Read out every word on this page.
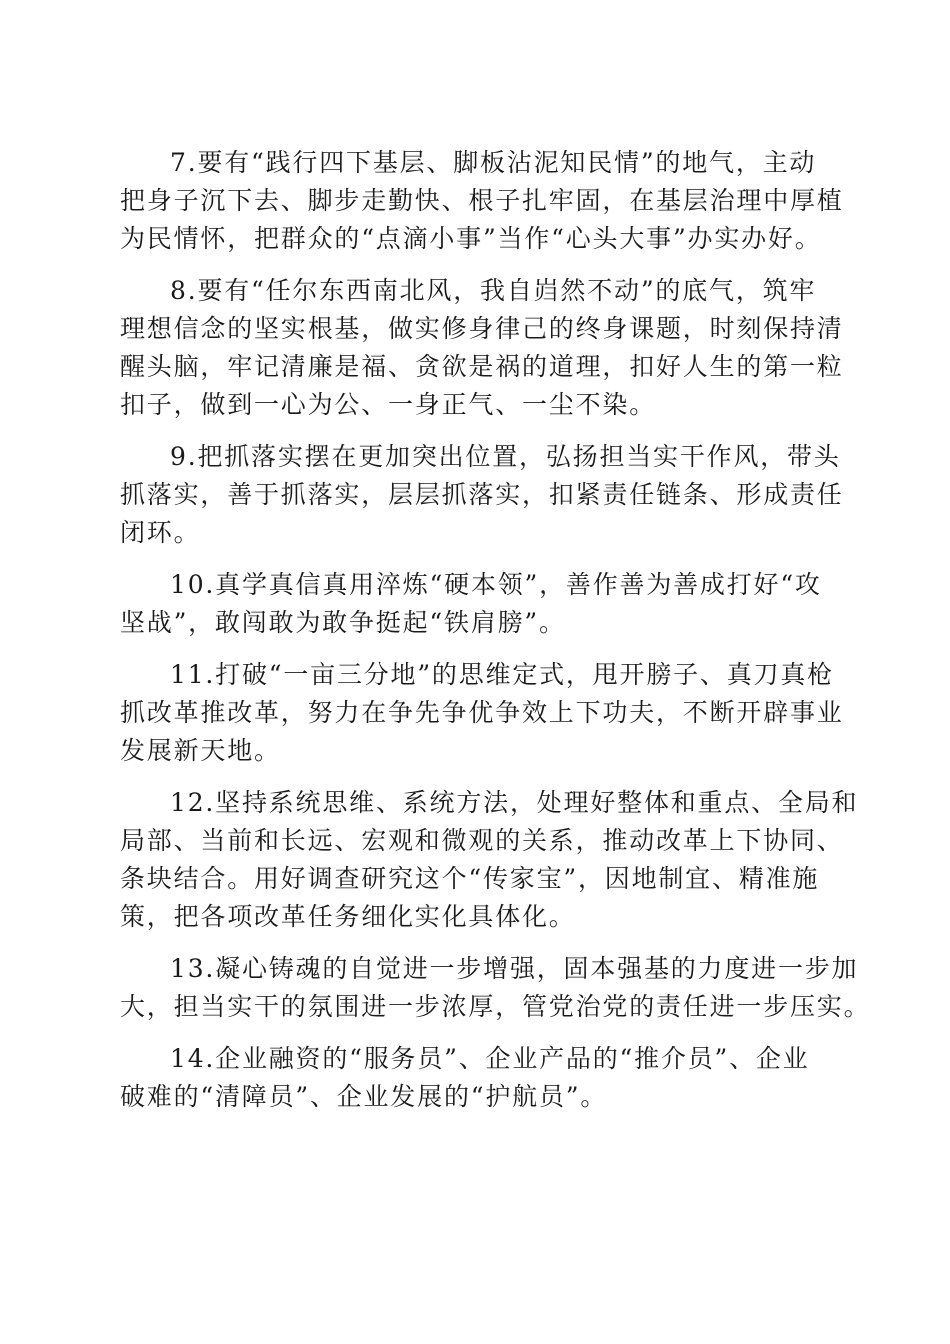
7.要有“践行四下基层、脚板沾泥知民情”的地气，主动
把身子沉下去、脚步走勤快、根子扎牢固，在基层治理中厚植
为民情怀，把群众的“点滴小事”当作“心头大事”办实办好。

8.要有“任尔东西南北风，我自岿然不动”的底气，筑牢
理想信念的坚实根基，做实修身律己的终身课题，时刻保持清
醒头脑，牢记清廉是福、贪欲是祸的道理，扣好人生的第一粒
扣子，做到一心为公、一身正气、一尘不染。

9.把抓落实摆在更加突出位置，弘扬担当实干作风，带头
抓落实，善于抓落实，层层抓落实，扣紧责任链条、形成责任
闭环。

10.真学真信真用淬炼“硬本领”，善作善为善成打好“攻
坚战”，敢闯敢为敢争挺起“铁肩膀”。

11.打破“一亩三分地”的思维定式，甩开膀子、真刀真枪
抓改革推改革，努力在争先争优争效上下功夫，不断开辟事业
发展新天地。

12.坚持系统思维、系统方法，处理好整体和重点、全局和
局部、当前和长远、宏观和微观的关系，推动改革上下协同、
条块结合。用好调查研究这个“传家宝”，因地制宜、精准施
策，把各项改革任务细化实化具体化。

13.凝心铸魂的自觉进一步增强，固本强基的力度进一步加
大，担当实干的氛围进一步浓厚，管党治党的责任进一步压实。

14.企业融资的“服务员”、企业产品的“推介员”、企业
破难的“清障员”、企业发展的“护航员”。
